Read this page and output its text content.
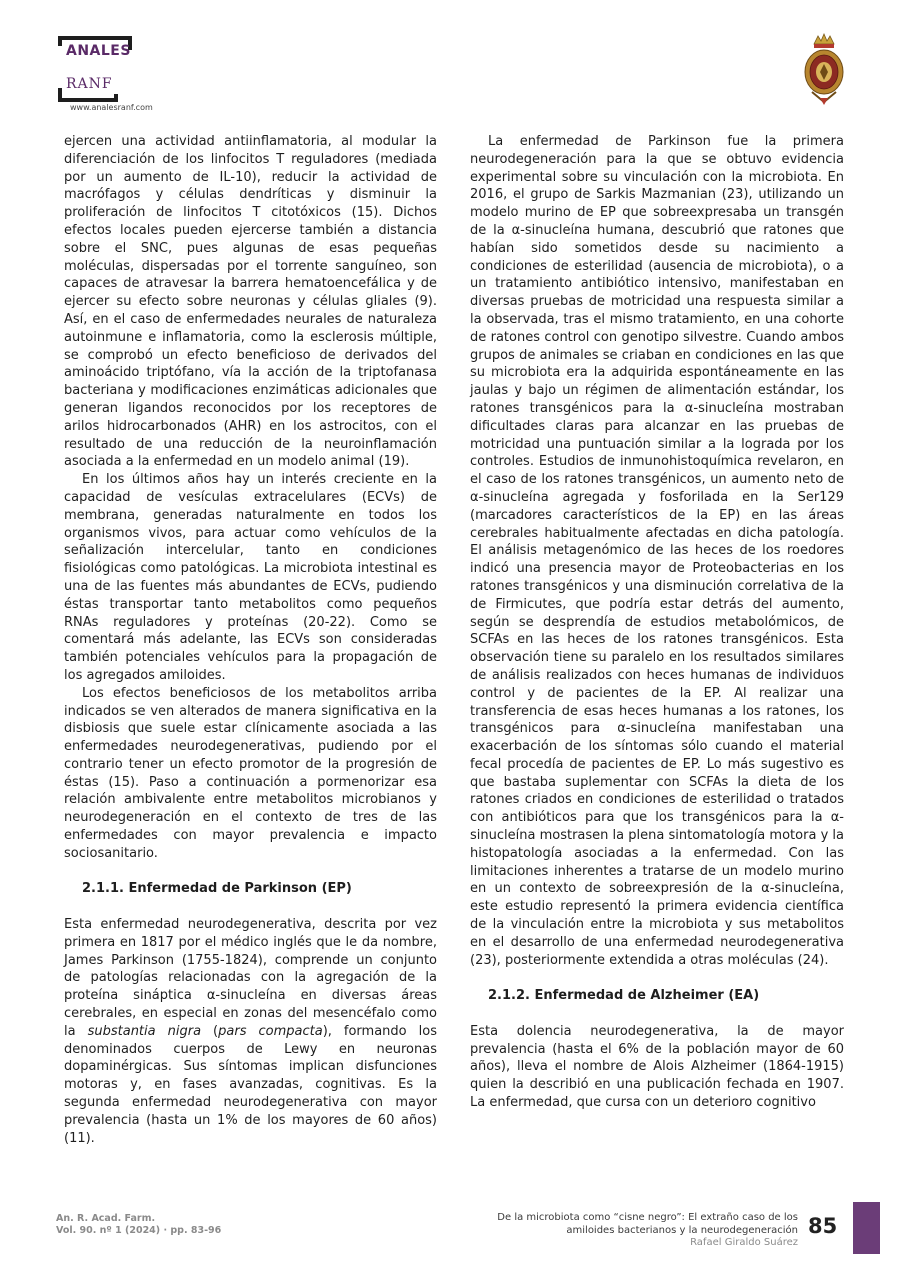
ANALES
RANF
www.analesranf.com

ejercen una actividad antiinflamatoria, al modular la diferenciación de los linfocitos T reguladores (mediada por un aumento de IL-10), reducir la actividad de macrófagos y células dendríticas y disminuir la proliferación de linfocitos T citotóxicos (15). Dichos efectos locales pueden ejercerse también a distancia sobre el SNC, pues algunas de esas pequeñas moléculas, dispersadas por el torrente sanguíneo, son capaces de atravesar la barrera hematoencefálica y de ejercer su efecto sobre neuronas y células gliales (9). Así, en el caso de enfermedades neurales de naturaleza autoinmune e inflamatoria, como la esclerosis múltiple, se comprobó un efecto beneficioso de derivados del aminoácido triptófano, vía la acción de la triptofanasa bacteriana y modificaciones enzimáticas adicionales que generan ligandos reconocidos por los receptores de arilos hidrocarbonados (AHR) en los astrocitos, con el resultado de una reducción de la neuroinflamación asociada a la enfermedad en un modelo animal (19).

En los últimos años hay un interés creciente en la capacidad de vesículas extracelulares (ECVs) de membrana, generadas naturalmente en todos los organismos vivos, para actuar como vehículos de la señalización intercelular, tanto en condiciones fisiológicas como patológicas. La microbiota intestinal es una de las fuentes más abundantes de ECVs, pudiendo éstas transportar tanto metabolitos como pequeños RNAs reguladores y proteínas (20-22). Como se comentará más adelante, las ECVs son consideradas también potenciales vehículos para la propagación de los agregados amiloides.

Los efectos beneficiosos de los metabolitos arriba indicados se ven alterados de manera significativa en la disbiosis que suele estar clínicamente asociada a las enfermedades neurodegenerativas, pudiendo por el contrario tener un efecto promotor de la progresión de éstas (15). Paso a continuación a pormenorizar esa relación ambivalente entre metabolitos microbianos y neurodegeneración en el contexto de tres de las enfermedades con mayor prevalencia e impacto sociosanitario.

2.1.1. Enfermedad de Parkinson (EP)

Esta enfermedad neurodegenerativa, descrita por vez primera en 1817 por el médico inglés que le da nombre, James Parkinson (1755-1824), comprende un conjunto de patologías relacionadas con la agregación de la proteína sináptica α-sinucleína en diversas áreas cerebrales, en especial en zonas del mesencéfalo como la substantia nigra (pars compacta), formando los denominados cuerpos de Lewy en neuronas dopaminérgicas. Sus síntomas implican disfunciones motoras y, en fases avanzadas, cognitivas. Es la segunda enfermedad neurodegenerativa con mayor prevalencia (hasta un 1% de los mayores de 60 años) (11).

La enfermedad de Parkinson fue la primera neurodegeneración para la que se obtuvo evidencia experimental sobre su vinculación con la microbiota. En 2016, el grupo de Sarkis Mazmanian (23), utilizando un modelo murino de EP que sobreexpresaba un transgén de la α-sinucleína humana, descubrió que ratones que habían sido sometidos desde su nacimiento a condiciones de esterilidad (ausencia de microbiota), o a un tratamiento antibiótico intensivo, manifestaban en diversas pruebas de motricidad una respuesta similar a la observada, tras el mismo tratamiento, en una cohorte de ratones control con genotipo silvestre. Cuando ambos grupos de animales se criaban en condiciones en las que su microbiota era la adquirida espontáneamente en las jaulas y bajo un régimen de alimentación estándar, los ratones transgénicos para la α-sinucleína mostraban dificultades claras para alcanzar en las pruebas de motricidad una puntuación similar a la lograda por los controles. Estudios de inmunohistoquímica revelaron, en el caso de los ratones transgénicos, un aumento neto de α-sinucleína agregada y fosforilada en la Ser129 (marcadores característicos de la EP) en las áreas cerebrales habitualmente afectadas en dicha patología. El análisis metagenómico de las heces de los roedores indicó una presencia mayor de Proteobacterias en los ratones transgénicos y una disminución correlativa de la de Firmicutes, que podría estar detrás del aumento, según se desprendía de estudios metabolómicos, de SCFAs en las heces de los ratones transgénicos. Esta observación tiene su paralelo en los resultados similares de análisis realizados con heces humanas de individuos control y de pacientes de la EP. Al realizar una transferencia de esas heces humanas a los ratones, los transgénicos para α-sinucleína manifestaban una exacerbación de los síntomas sólo cuando el material fecal procedía de pacientes de EP. Lo más sugestivo es que bastaba suplementar con SCFAs la dieta de los ratones criados en condiciones de esterilidad o tratados con antibióticos para que los transgénicos para la α-sinucleína mostrasen la plena sintomatología motora y la histopatología asociadas a la enfermedad. Con las limitaciones inherentes a tratarse de un modelo murino en un contexto de sobreexpresión de la α-sinucleína, este estudio representó la primera evidencia científica de la vinculación entre la microbiota y sus metabolitos en el desarrollo de una enfermedad neurodegenerativa (23), posteriormente extendida a otras moléculas (24).

2.1.2. Enfermedad de Alzheimer (EA)

Esta dolencia neurodegenerativa, la de mayor prevalencia (hasta el 6% de la población mayor de 60 años), lleva el nombre de Alois Alzheimer (1864-1915) quien la describió en una publicación fechada en 1907. La enfermedad, que cursa con un deterioro cognitivo

An. R. Acad. Farm.
Vol. 90. nº 1 (2024) · pp. 83-96
De la microbiota como “cisne negro”: El extraño caso de los
amiloides bacterianos y la neurodegeneración
Rafael Giraldo Suárez
85
